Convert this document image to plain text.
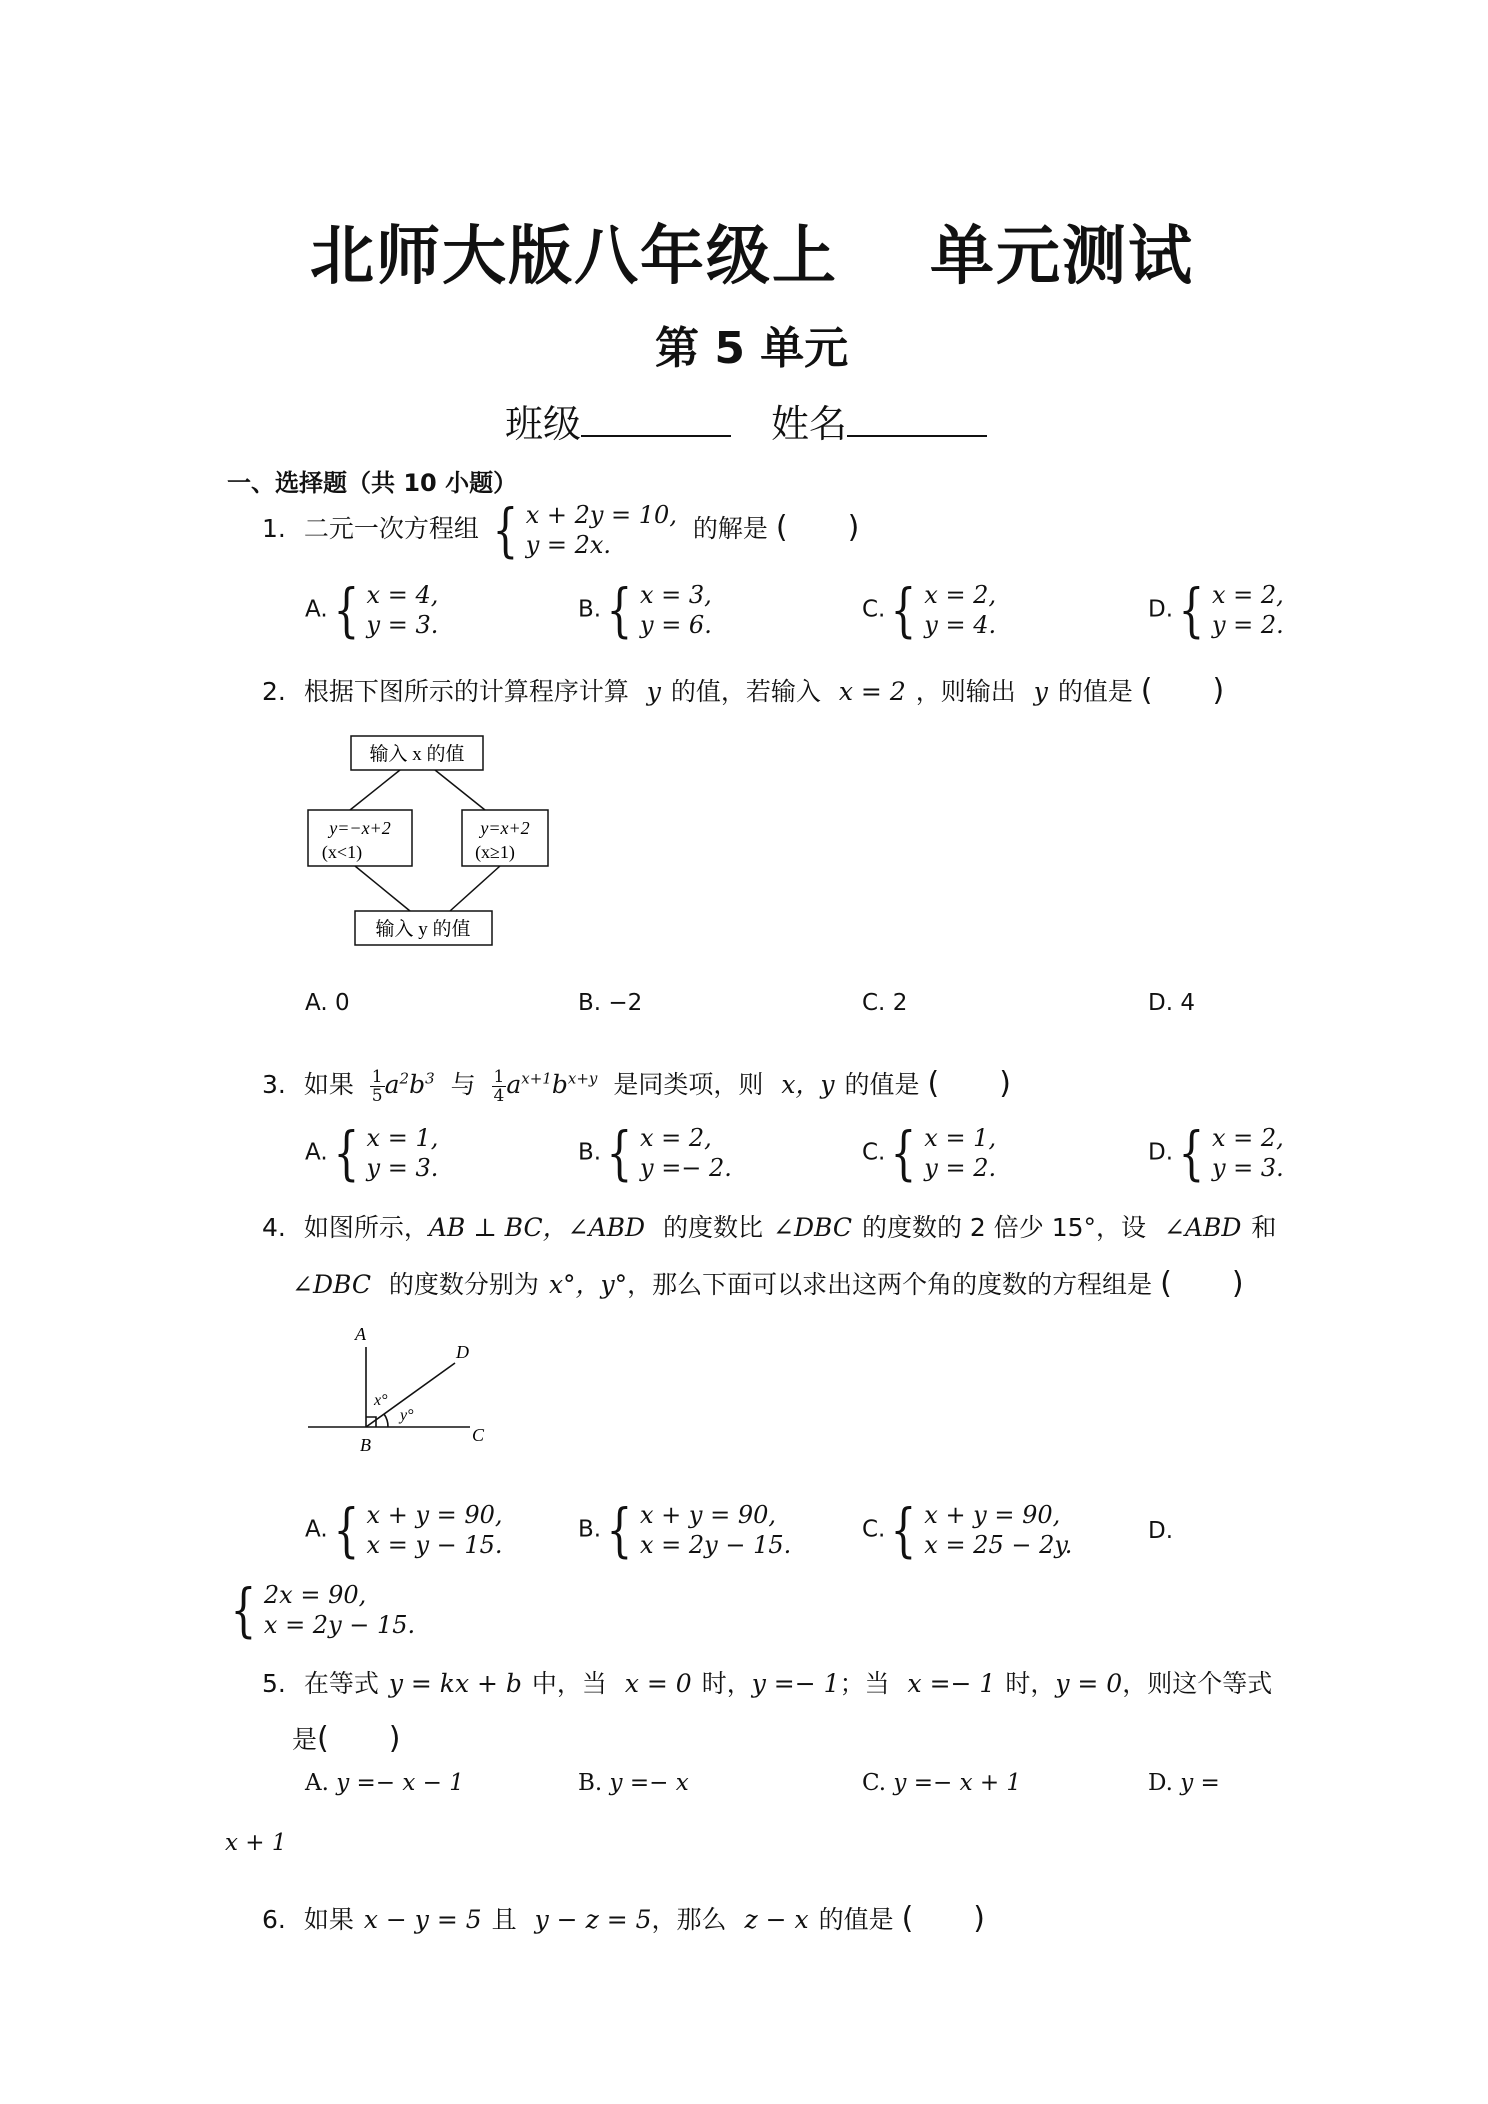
北师大版八年级上 单元测试
第 5 单元
班级	姓名
一、选择题（共 10 小题）
1. 二元一次方程组 { x + 2y = 10,
y = 2x.
的解是 (　　)
A. { x = 4,
y = 3.
B. { x = 3,
y = 6.
C. { x = 2,
y = 4.
D. { x = 2,
y = 2.
2. 根据下图所示的计算程序计算 y 的值，若输入 x = 2 ，则输出 y 的值是 (　　)
输入 x 的值
y=−x+2
(x<1)
y=x+2
(x≥1)
输入 y 的值
A. 0	B. −2	C. 2	D. 4
3. 如果 $\frac{1}{5} a^2b^3$ 与 $\frac{1}{4} a^{x+1}b^{x+y}$ 是同类项，则 x，y 的值是 (　　)
A. { x = 1,
y = 3.
B. { x = 2,
y =− 2.
C. { x = 1,
y = 2.
D. { x = 2,
y = 3.
4. 如图所示，AB ⊥ BC，∠ABD 的度数比 ∠DBC 的度数的 2 倍少 15°，设 ∠ABD 和
∠DBC 的度数分别为 x°，y°，那么下面可以求出这两个角的度数的方程组是 (　　)
A
D
B	C
x°
y°
A. { x + y = 90,
x = y − 15.
B. { x + y = 90,
x = 2y − 15.
C. { x + y = 90,
x = 25 − 2y.	D.
{ 2x = 90,
x = 2y − 15.
5. 在等式 y = kx + b 中，当 x = 0 时，y =− 1；当 x =− 1 时，y = 0，则这个等式
是(　　)
A. y =− x − 1	B. y =− x	C. y =− x + 1	D. y =
x + 1
6. 如果 x − y = 5 且 y − z = 5，那么 z − x 的值是 (　　)
